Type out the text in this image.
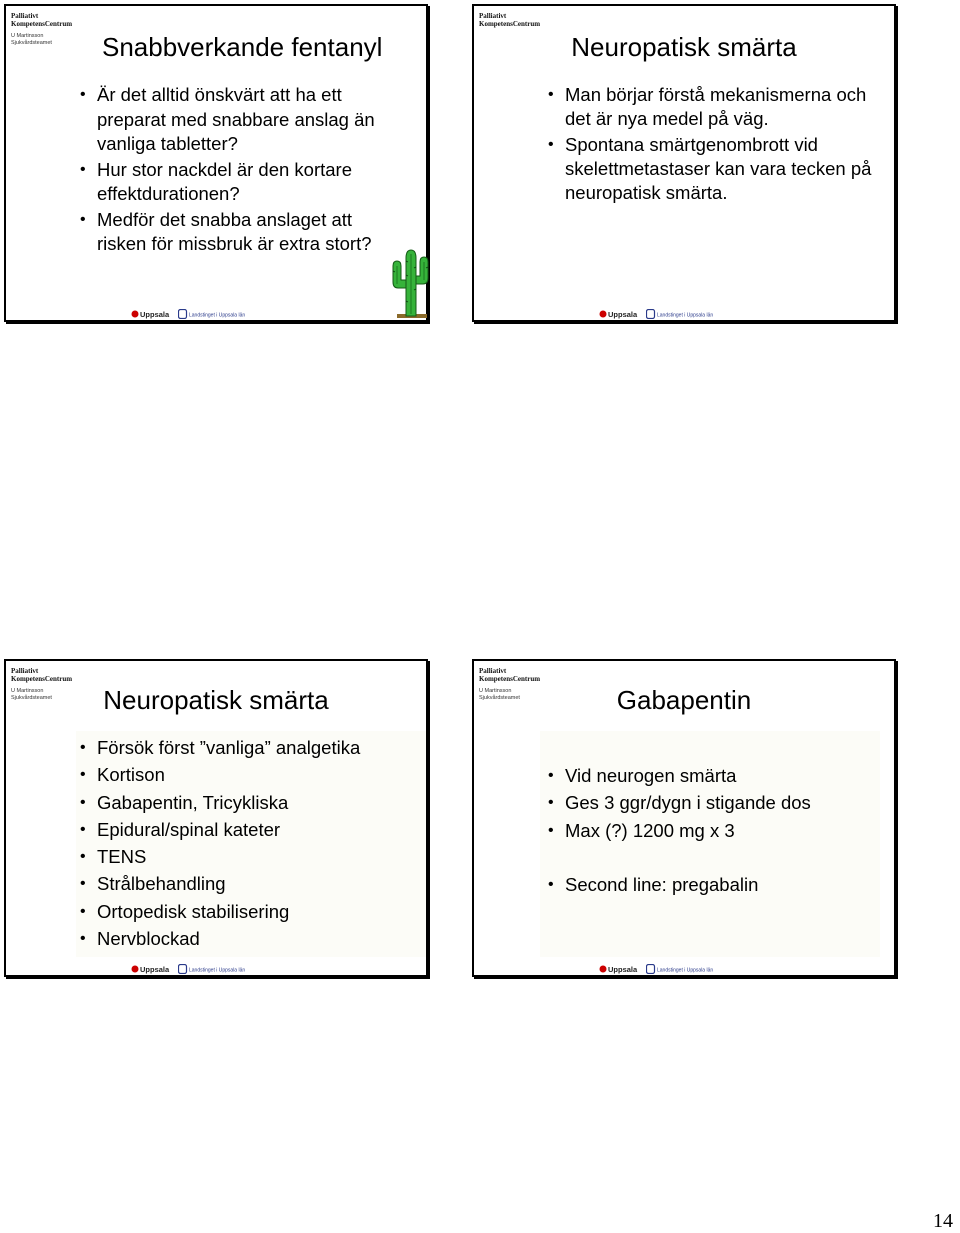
Palliativt
KompetensCentrum
U Martinsson
Sjukvårdsteamet Snabbverkande fentanyl
• Är det alltid önskvärt att ha ett preparat med snabbare anslag än vanliga tabletter?
• Hur stor nackdel är den kortare effektdurationen?
• Medför det snabba anslaget att risken för missbruk är extra stort?
Uppsala	Landstinget i Uppsala län
Palliativt
KompetensCentrum
Neuropatisk smärta
• Man börjar förstå mekanismerna och det är nya medel på väg.
• Spontana smärtgenombrott vid skelettmetastaser kan vara tecken på neuropatisk smärta.
Uppsala	Landstinget i Uppsala län
Palliativt
KompetensCentrum
U Martinsson
Sjukvårdsteamet	Neuropatisk smärta
• Försök först ”vanliga” analgetika
• Kortison
• Gabapentin, Tricykliska
• Epidural/spinal kateter
• TENS
• Strålbehandling
• Ortopedisk stabilisering
• Nervblockad
Uppsala	Landstinget i Uppsala län
Palliativt
KompetensCentrum
U Martinsson
Sjukvårdsteamet	Gabapentin
• Vid neurogen smärta
• Ges 3 ggr/dygn i stigande dos
• Max (?) 1200 mg x 3
• Second line: pregabalin
Uppsala	Landstinget i Uppsala län
14
